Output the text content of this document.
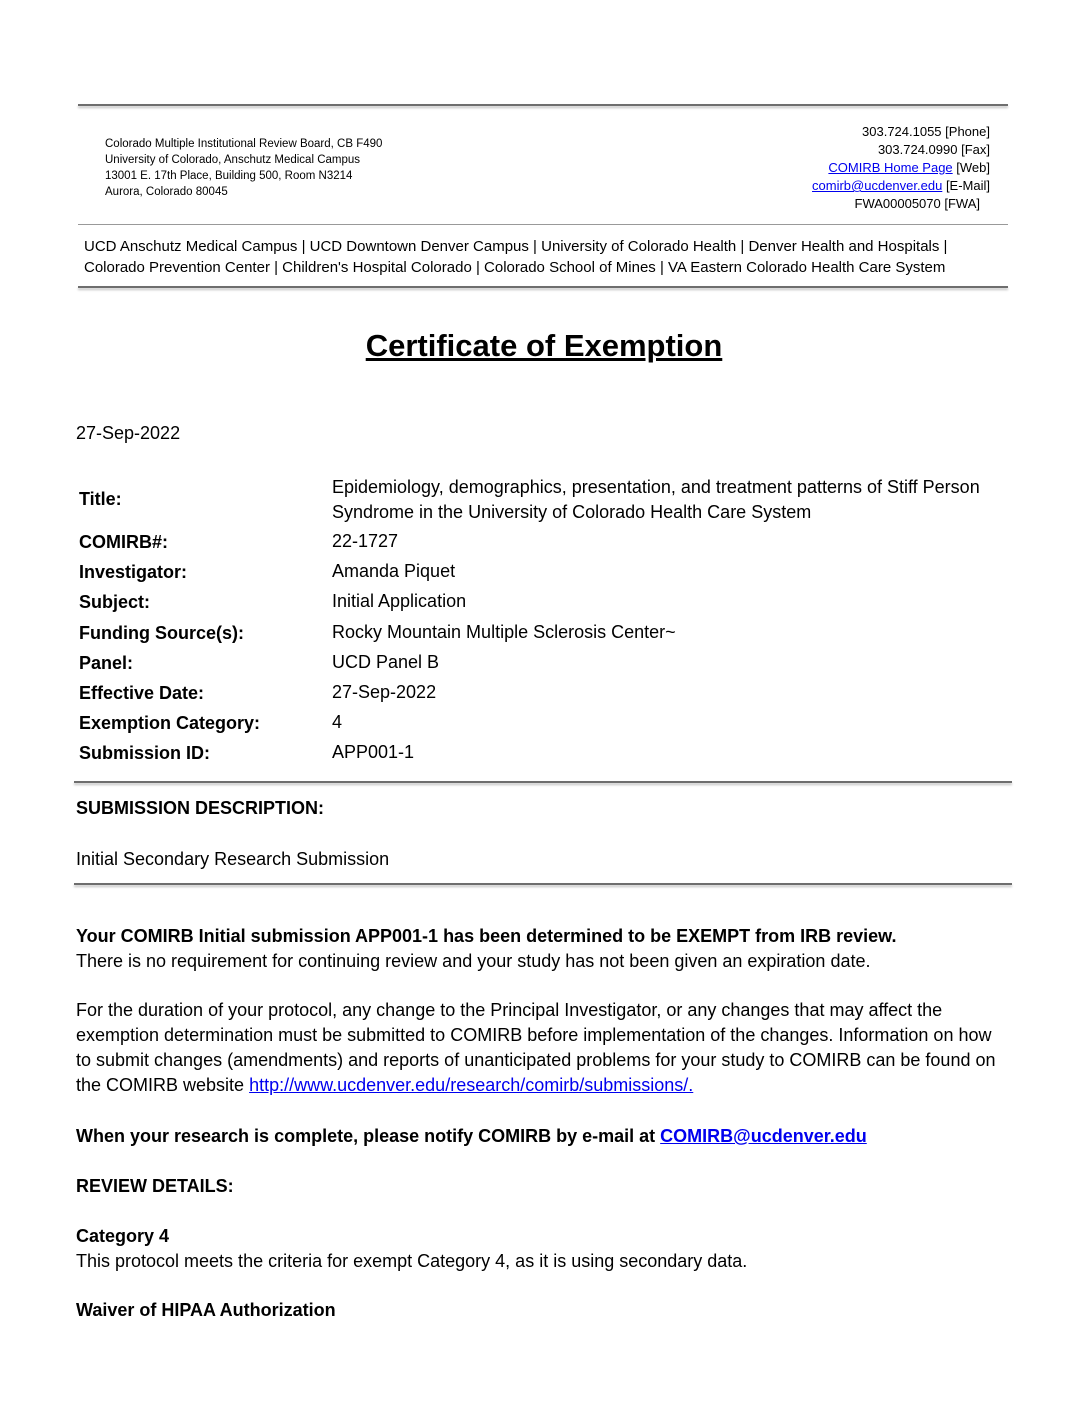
Colorado Multiple Institutional Review Board, CB F490
University of Colorado, Anschutz Medical Campus
13001 E. 17th Place, Building 500, Room N3214
Aurora, Colorado 80045
303.724.1055 [Phone]
303.724.0990 [Fax]
COMIRB Home Page [Web]
comirb@ucdenver.edu [E-Mail]
FWA00005070 [FWA]
UCD Anschutz Medical Campus | UCD Downtown Denver Campus | University of Colorado Health | Denver Health and Hospitals |
Colorado Prevention Center | Children's Hospital Colorado | Colorado School of Mines | VA Eastern Colorado Health Care System
Certificate of Exemption
27-Sep-2022
Title:
Epidemiology, demographics, presentation, and treatment patterns of Stiff Person Syndrome in the University of Colorado Health Care System
COMIRB#:	22-1727
Investigator:	Amanda Piquet
Subject:	Initial Application
Funding Source(s):	Rocky Mountain Multiple Sclerosis Center~
Panel:	UCD Panel B
Effective Date:	27-Sep-2022
Exemption Category:	4
Submission ID:	APP001-1
SUBMISSION DESCRIPTION:
Initial Secondary Research Submission
Your COMIRB Initial submission APP001-1 has been determined to be EXEMPT from IRB review.
There is no requirement for continuing review and your study has not been given an expiration date.
For the duration of your protocol, any change to the Principal Investigator, or any changes that may affect the exemption determination must be submitted to COMIRB before implementation of the changes. Information on how to submit changes (amendments) and reports of unanticipated problems for your study to COMIRB can be found on the COMIRB website http://www.ucdenver.edu/research/comirb/submissions/.
When your research is complete, please notify COMIRB by e-mail at COMIRB@ucdenver.edu
REVIEW DETAILS:
Category 4
This protocol meets the criteria for exempt Category 4, as it is using secondary data.
Waiver of HIPAA Authorization
